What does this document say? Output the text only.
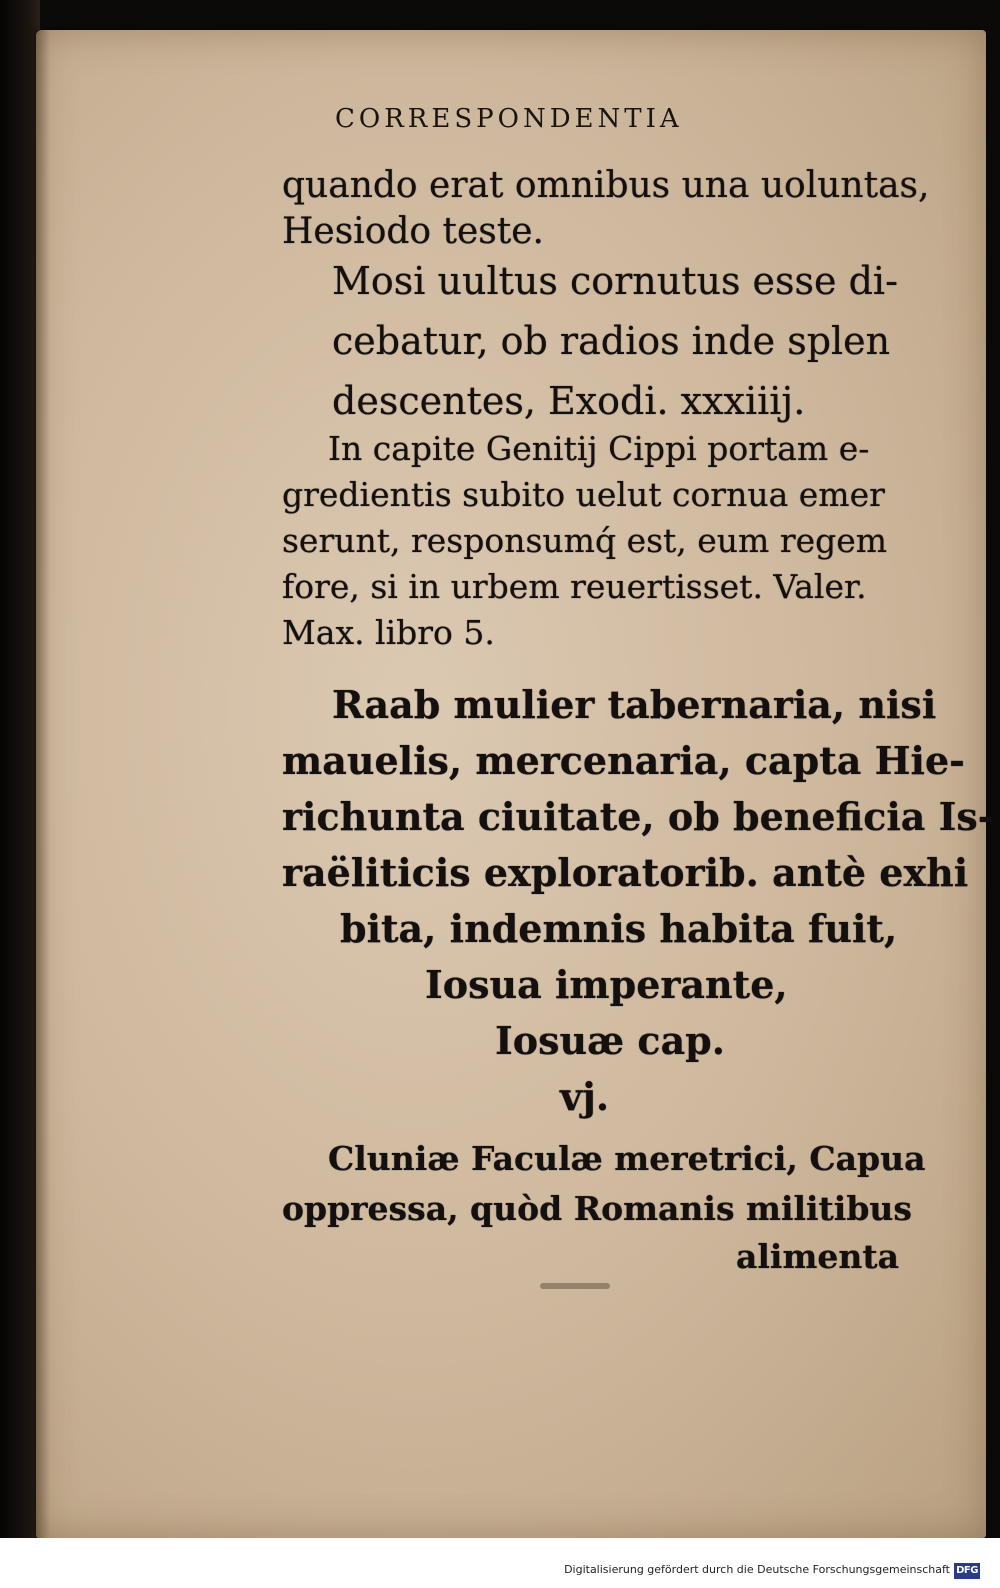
CORRESPONDENTIA
quando erat omnibus una uoluntas,
Hesiodo teste.
Mosi uultus cornutus esse di-
cebatur, ob radios inde splen
descentes, Exodi. xxxiiij.
In capite Genitij Cippi portam e-
gredientis subito uelut cornua emer
serunt, responsumq́ est, eum regem
fore, si in urbem reuertisset. Valer.
Max. libro 5.
Raab mulier tabernaria, nisi
mauelis, mercenaria, capta Hie-
richunta ciuitate, ob beneficia Is-
raëliticis exploratorib. antè exhi
bita, indemnis habita fuit,
Iosua imperante,
Iosuæ cap.
vj.
Cluniæ Faculæ meretrici, Capua
oppressa, quòd Romanis militibus
alimenta
Digitalisierung gefördert durch die Deutsche Forschungsgemeinschaft DFG
